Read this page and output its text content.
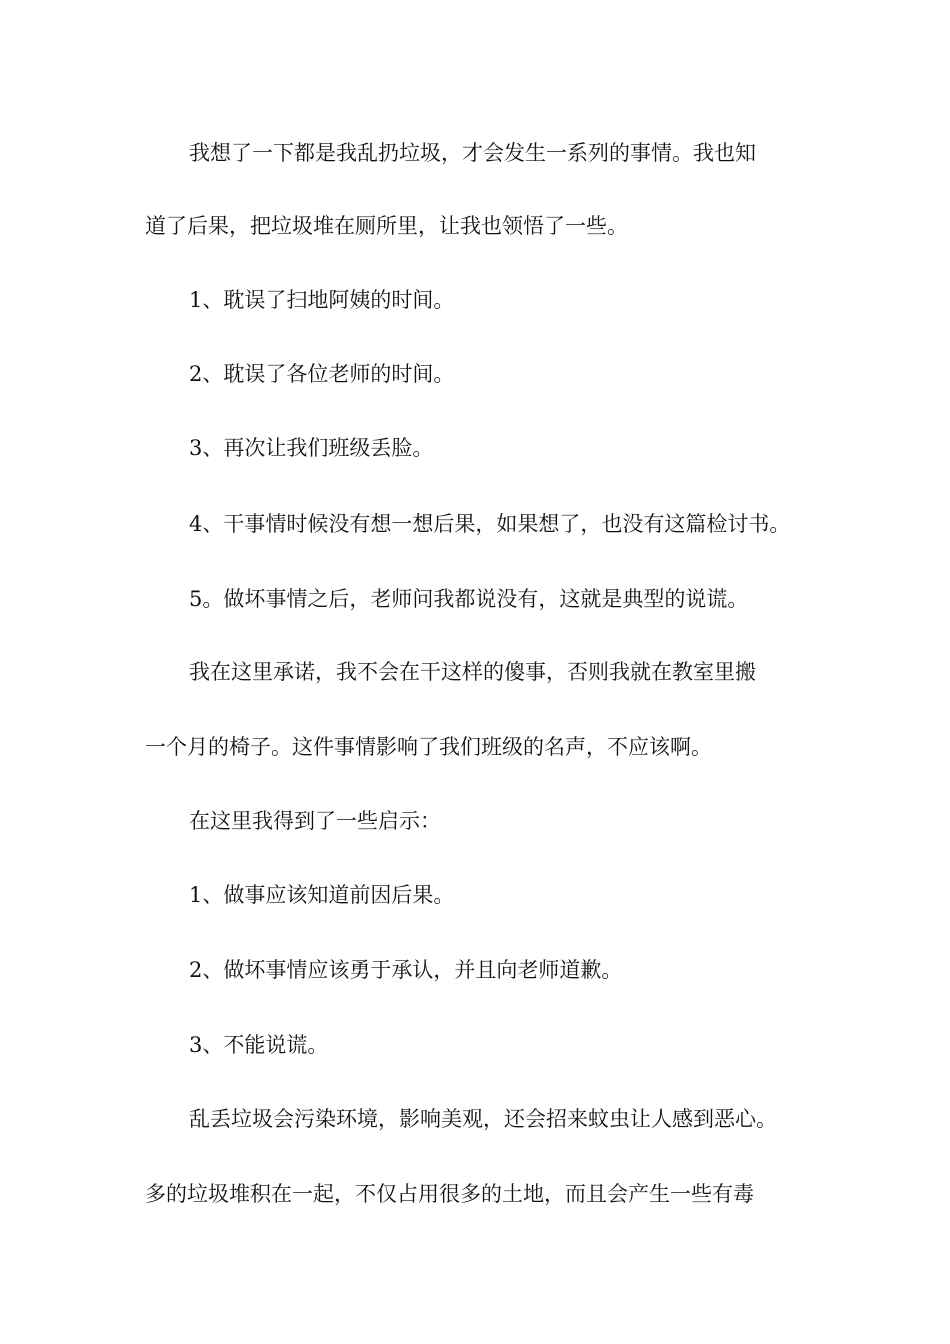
我想了一下都是我乱扔垃圾，才会发生一系列的事情。我也知

道了后果，把垃圾堆在厕所里，让我也领悟了一些。

1、耽误了扫地阿姨的时间。

2、耽误了各位老师的时间。

3、再次让我们班级丢脸。

4、干事情时候没有想一想后果，如果想了，也没有这篇检讨书。

5。做坏事情之后，老师问我都说没有，这就是典型的说谎。

我在这里承诺，我不会在干这样的傻事，否则我就在教室里搬

一个月的椅子。这件事情影响了我们班级的名声，不应该啊。

在这里我得到了一些启示：

1、做事应该知道前因后果。

2、做坏事情应该勇于承认，并且向老师道歉。

3、不能说谎。

乱丢垃圾会污染环境，影响美观，还会招来蚊虫让人感到恶心。

多的垃圾堆积在一起，不仅占用很多的土地，而且会产生一些有毒
